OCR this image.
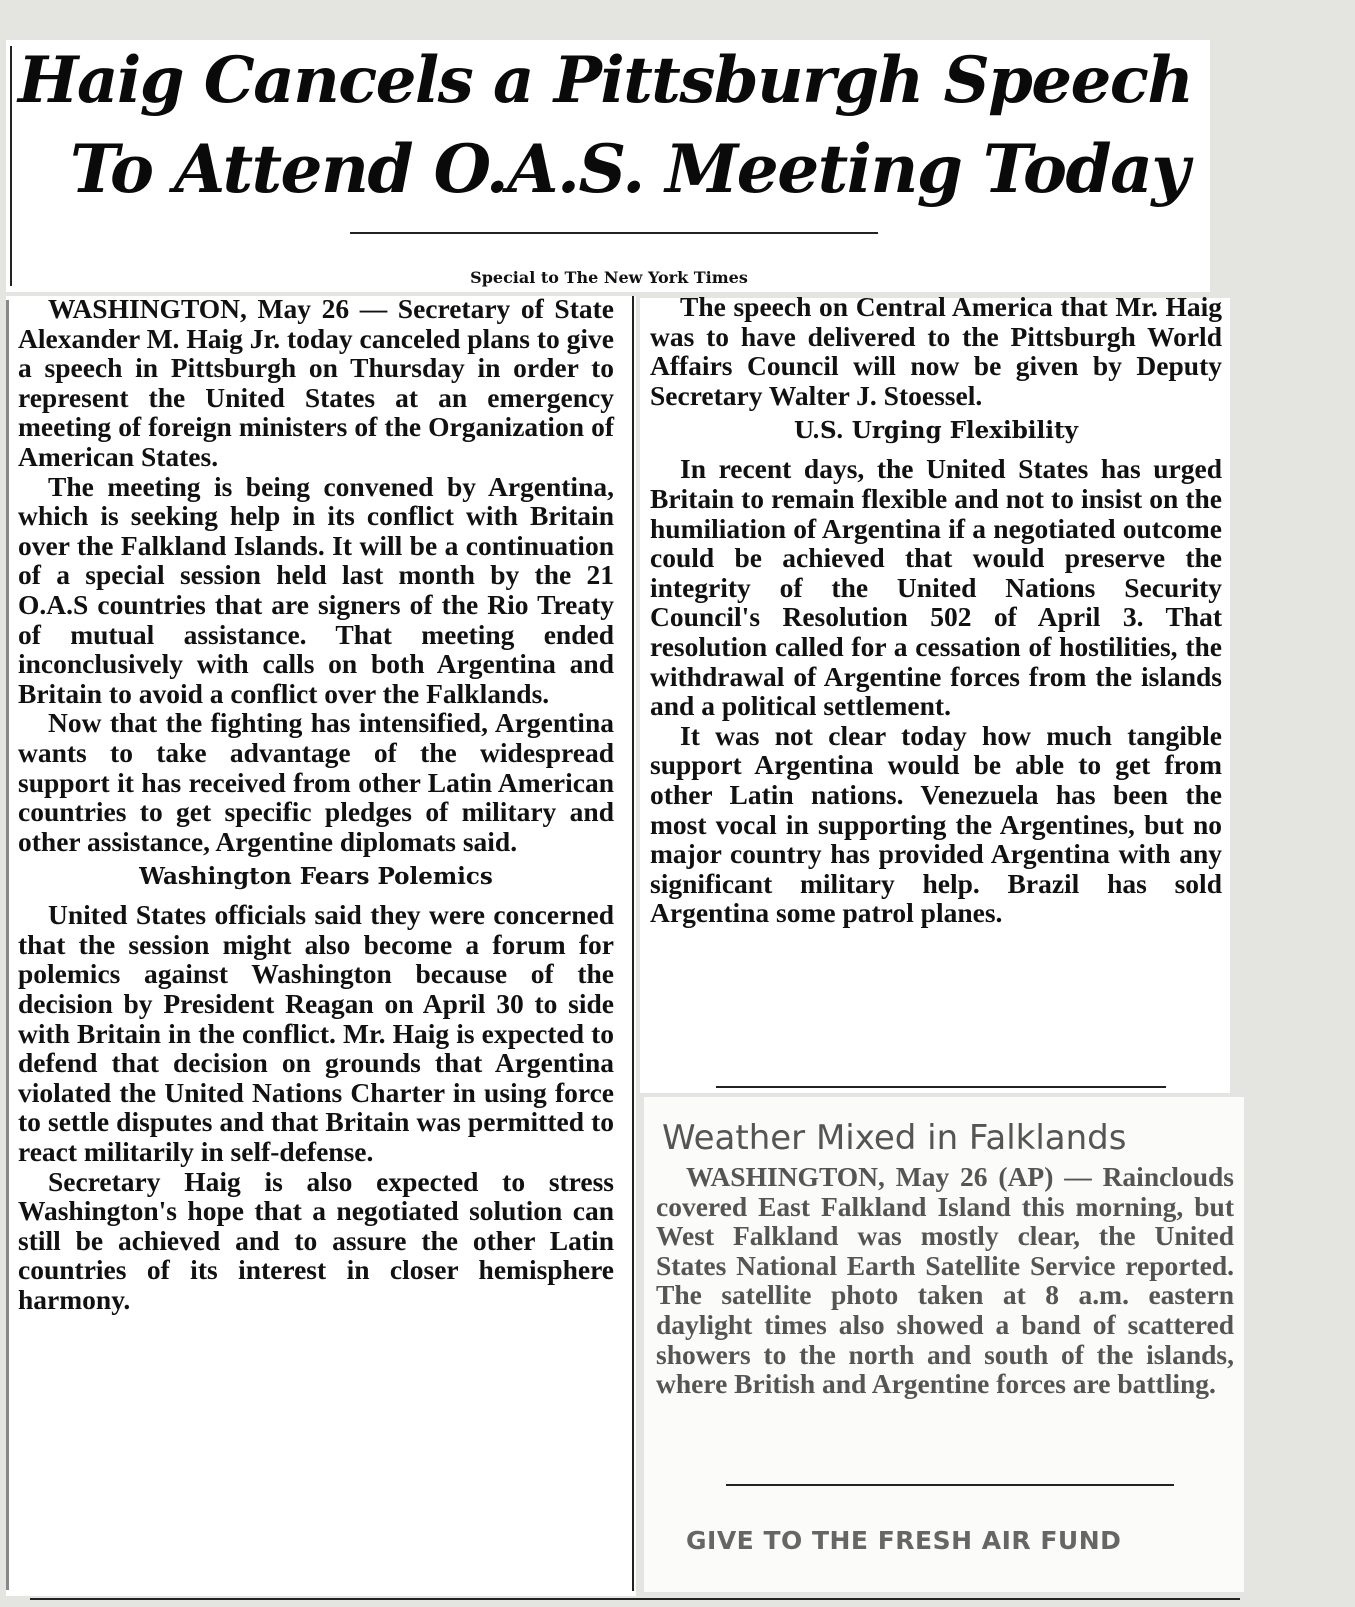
Haig Cancels a Pittsburgh Speech
To Attend O.A.S. Meeting Today
Special to The New York Times

WASHINGTON, May 26 — Secretary of State Alexander M. Haig Jr. today canceled plans to give a speech in Pittsburgh on Thursday in order to represent the United States at an emergency meeting of foreign ministers of the Organization of American States.

The meeting is being convened by Argentina, which is seeking help in its conflict with Britain over the Falkland Islands. It will be a continuation of a special session held last month by the 21 O.A.S countries that are signers of the Rio Treaty of mutual assistance. That meeting ended inconclusively with calls on both Argentina and Britain to avoid a conflict over the Falklands.

Now that the fighting has intensified, Argentina wants to take advantage of the widespread support it has received from other Latin American countries to get specific pledges of military and other assistance, Argentine diplomats said.

Washington Fears Polemics

United States officials said they were concerned that the session might also become a forum for polemics against Washington because of the decision by President Reagan on April 30 to side with Britain in the conflict. Mr. Haig is expected to defend that decision on grounds that Argentina violated the United Nations Charter in using force to settle disputes and that Britain was permitted to react militarily in self-defense.

Secretary Haig is also expected to stress Washington's hope that a negotiated solution can still be achieved and to assure the other Latin countries of its interest in closer hemisphere harmony.

The speech on Central America that Mr. Haig was to have delivered to the Pittsburgh World Affairs Council will now be given by Deputy Secretary Walter J. Stoessel.

U.S. Urging Flexibility

In recent days, the United States has urged Britain to remain flexible and not to insist on the humiliation of Argentina if a negotiated outcome could be achieved that would preserve the integrity of the United Nations Security Council's Resolution 502 of April 3. That resolution called for a cessation of hostilities, the withdrawal of Argentine forces from the islands and a political settlement.

It was not clear today how much tangible support Argentina would be able to get from other Latin nations. Venezuela has been the most vocal in supporting the Argentines, but no major country has provided Argentina with any significant military help. Brazil has sold Argentina some patrol planes.

Weather Mixed in Falklands

WASHINGTON, May 26 (AP) — Rainclouds covered East Falkland Island this morning, but West Falkland was mostly clear, the United States National Earth Satellite Service reported. The satellite photo taken at 8 a.m. eastern daylight times also showed a band of scattered showers to the north and south of the islands, where British and Argentine forces are battling.

GIVE TO THE FRESH AIR FUND
